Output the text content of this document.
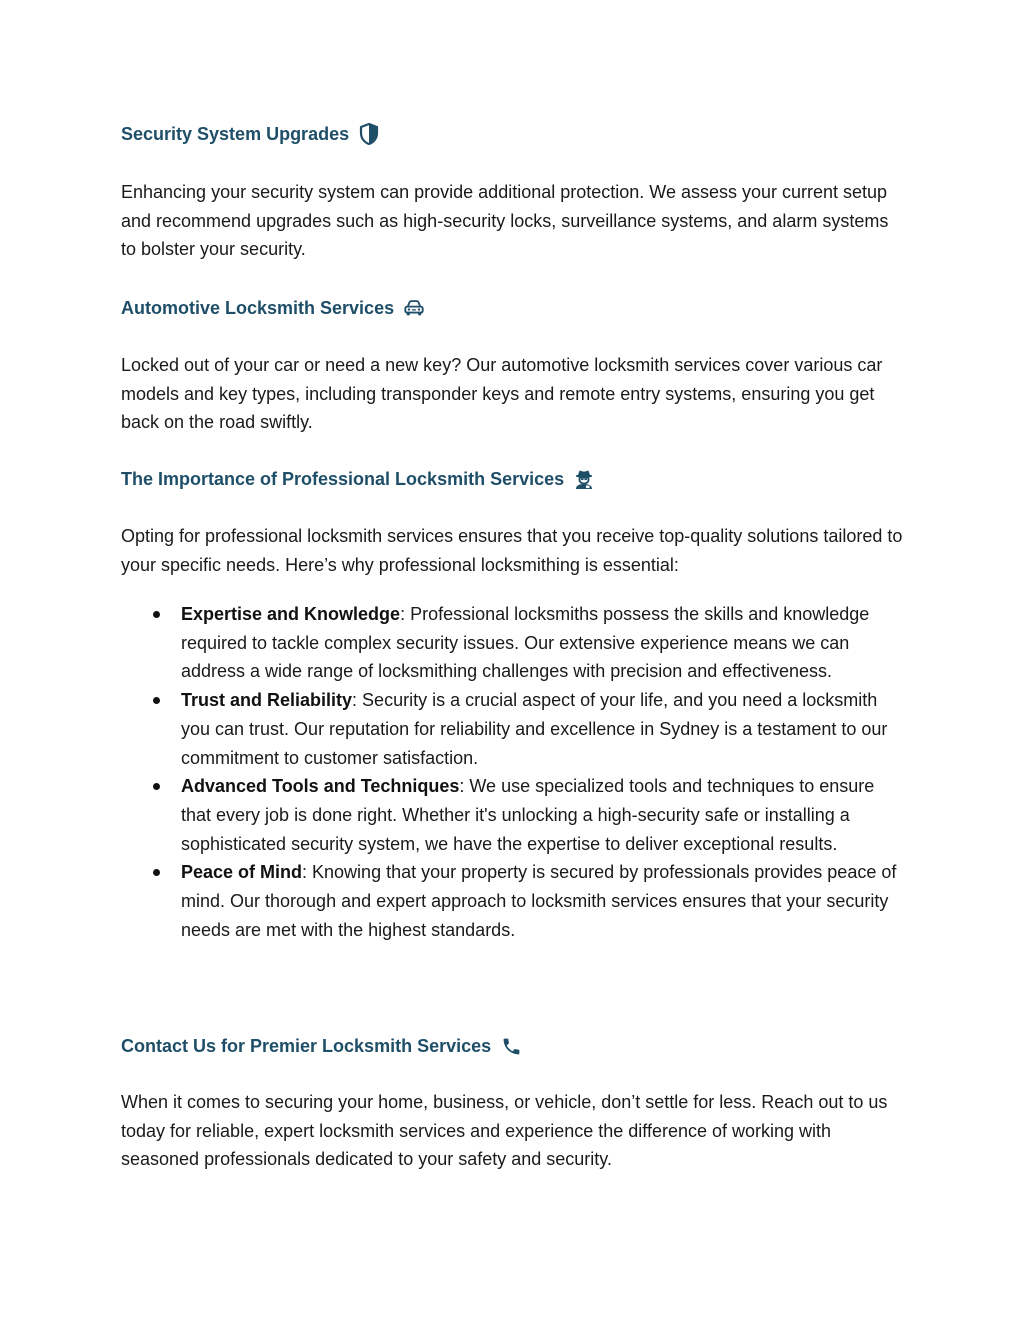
Security System Upgrades

Enhancing your security system can provide additional protection. We assess your current setup and recommend upgrades such as high-security locks, surveillance systems, and alarm systems to bolster your security.

Automotive Locksmith Services

Locked out of your car or need a new key? Our automotive locksmith services cover various car models and key types, including transponder keys and remote entry systems, ensuring you get back on the road swiftly.

The Importance of Professional Locksmith Services

Opting for professional locksmith services ensures that you receive top-quality solutions tailored to your specific needs. Here’s why professional locksmithing is essential:

Expertise and Knowledge: Professional locksmiths possess the skills and knowledge required to tackle complex security issues. Our extensive experience means we can address a wide range of locksmithing challenges with precision and effectiveness.
Trust and Reliability: Security is a crucial aspect of your life, and you need a locksmith you can trust. Our reputation for reliability and excellence in Sydney is a testament to our commitment to customer satisfaction.
Advanced Tools and Techniques: We use specialized tools and techniques to ensure that every job is done right. Whether it's unlocking a high-security safe or installing a sophisticated security system, we have the expertise to deliver exceptional results.
Peace of Mind: Knowing that your property is secured by professionals provides peace of mind. Our thorough and expert approach to locksmith services ensures that your security needs are met with the highest standards.
Contact Us for Premier Locksmith Services

When it comes to securing your home, business, or vehicle, don’t settle for less. Reach out to us today for reliable, expert locksmith services and experience the difference of working with seasoned professionals dedicated to your safety and security.
